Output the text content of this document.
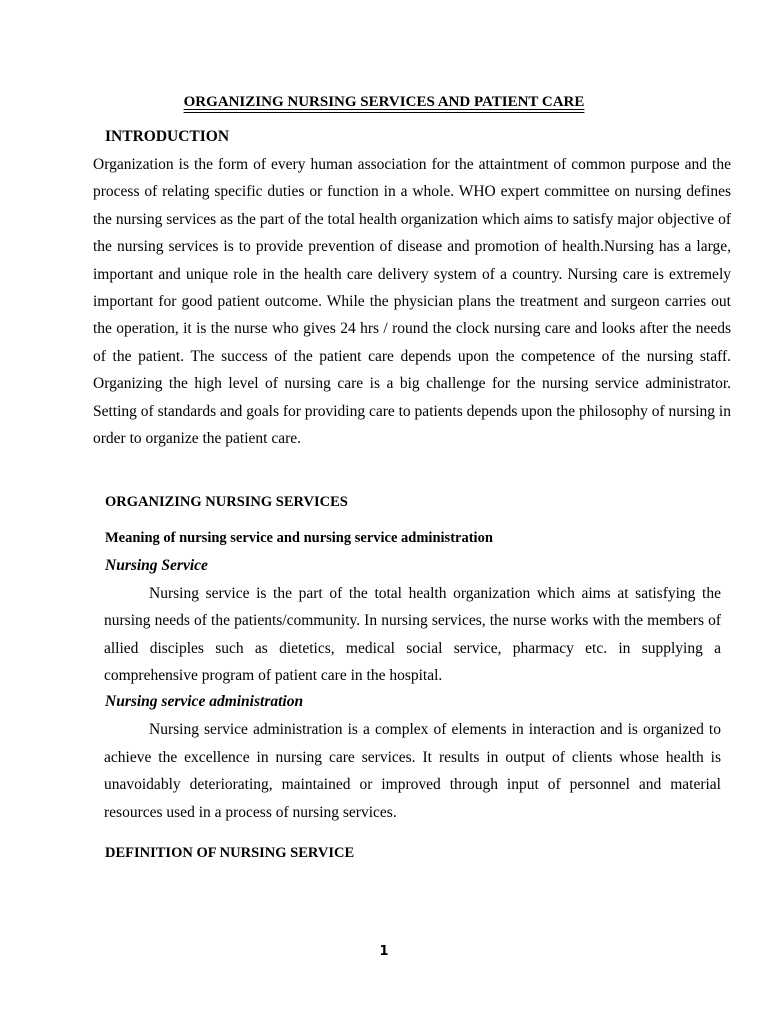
ORGANIZING NURSING SERVICES AND PATIENT CARE
INTRODUCTION

Organization is the form of every human association for the attaintment of common purpose and the process of relating specific duties or function in a whole. WHO expert committee on nursing defines the nursing services as the part of the total health organization which aims to satisfy major objective of the nursing services is to provide prevention of disease and promotion of health.Nursing has a large, important and unique role in the health care delivery system of a country. Nursing care is extremely important for good patient outcome. While the physician plans the treatment and surgeon carries out the operation, it is the nurse who gives 24 hrs / round the clock nursing care and looks after the needs of the patient. The success of the patient care depends upon the competence of the nursing staff. Organizing the high level of nursing care is a big challenge for the nursing service administrator. Setting of standards and goals for providing care to patients depends upon the philosophy of nursing in order to organize the patient care.

ORGANIZING NURSING SERVICES
Meaning of nursing service and nursing service administration
Nursing Service

Nursing service is the part of the total health organization which aims at satisfying the nursing needs of the patients/community. In nursing services, the nurse works with the members of allied disciples such as dietetics, medical social service, pharmacy etc. in supplying a comprehensive program of patient care in the hospital.

Nursing service administration

Nursing service administration is a complex of elements in interaction and is organized to achieve the excellence in nursing care services. It results in output of clients whose health is unavoidably deteriorating, maintained or improved through input of personnel and material resources used in a process of nursing services.

DEFINITION OF NURSING SERVICE
1
